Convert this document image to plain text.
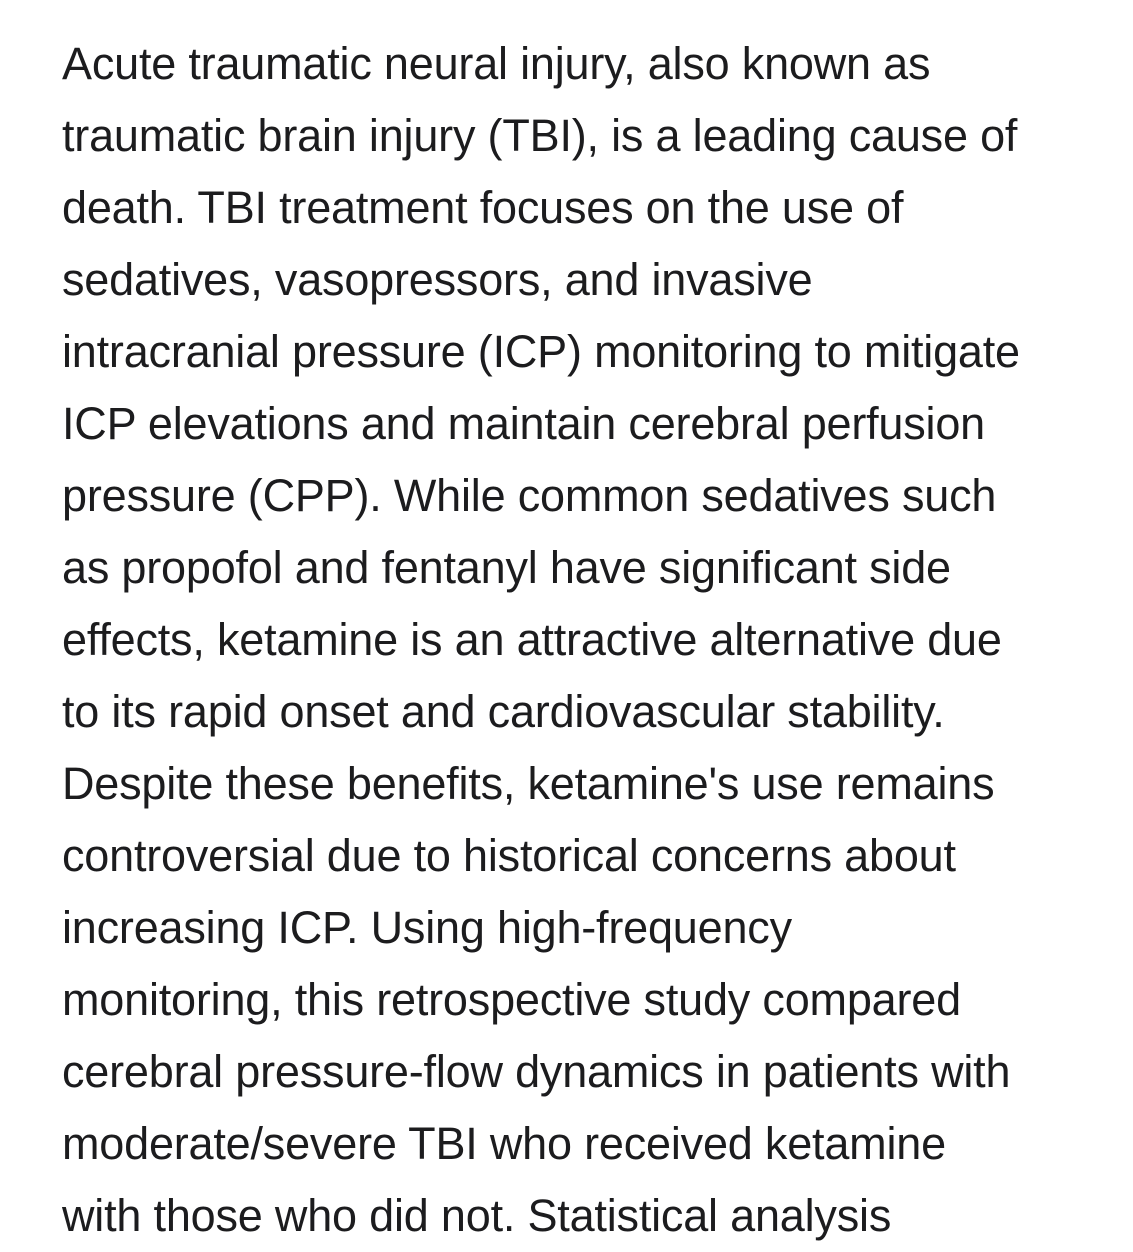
Acute traumatic neural injury, also known as
traumatic brain injury (TBI), is a leading cause of
death. TBI treatment focuses on the use of
sedatives, vasopressors, and invasive
intracranial pressure (ICP) monitoring to mitigate
ICP elevations and maintain cerebral perfusion
pressure (CPP). While common sedatives such
as propofol and fentanyl have significant side
effects, ketamine is an attractive alternative due
to its rapid onset and cardiovascular stability.
Despite these benefits, ketamine's use remains
controversial due to historical concerns about
increasing ICP. Using high-frequency
monitoring, this retrospective study compared
cerebral pressure-flow dynamics in patients with
moderate/severe TBI who received ketamine
with those who did not. Statistical analysis
